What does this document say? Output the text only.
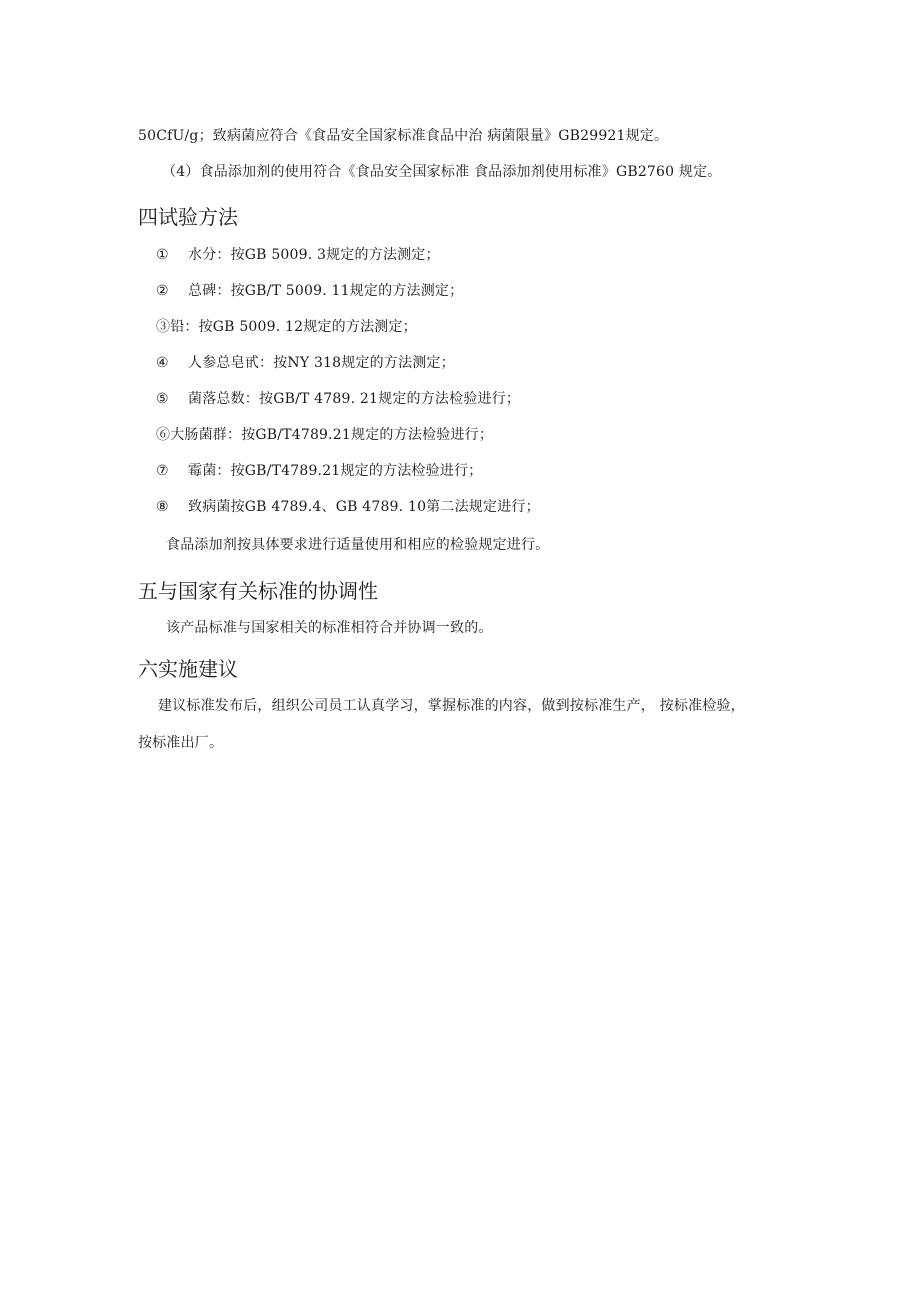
50CfU/g；致病菌应符合《食品安全国家标准食品中治 病菌限量》GB29921规定。
（4）食品添加剂的使用符合《食品安全国家标准 食品添加剂使用标准》GB2760 规定。
四试验方法
① 水分：按GB 5009. 3规定的方法测定；
② 总碑：按GB/T 5009. 11规定的方法测定；
③铅：按GB 5009. 12规定的方法测定；
④ 人参总皂甙：按NY 318规定的方法测定；
⑤ 菌落总数：按GB/T 4789. 21规定的方法检验进行；
⑥大肠菌群：按GB/T4789.21规定的方法检验进行；
⑦ 霉菌：按GB/T4789.21规定的方法检验进行；
⑧ 致病菌按GB 4789.4、GB 4789. 10第二法规定进行；
食品添加剂按具体要求进行适量使用和相应的检验规定进行。
五与国家有关标准的协调性
该产品标准与国家相关的标准相符合并协调一致的。
六实施建议
建议标准发布后，组织公司员工认真学习，掌握标准的内容，做到按标准生产， 按标准检验，
按标准出厂。
